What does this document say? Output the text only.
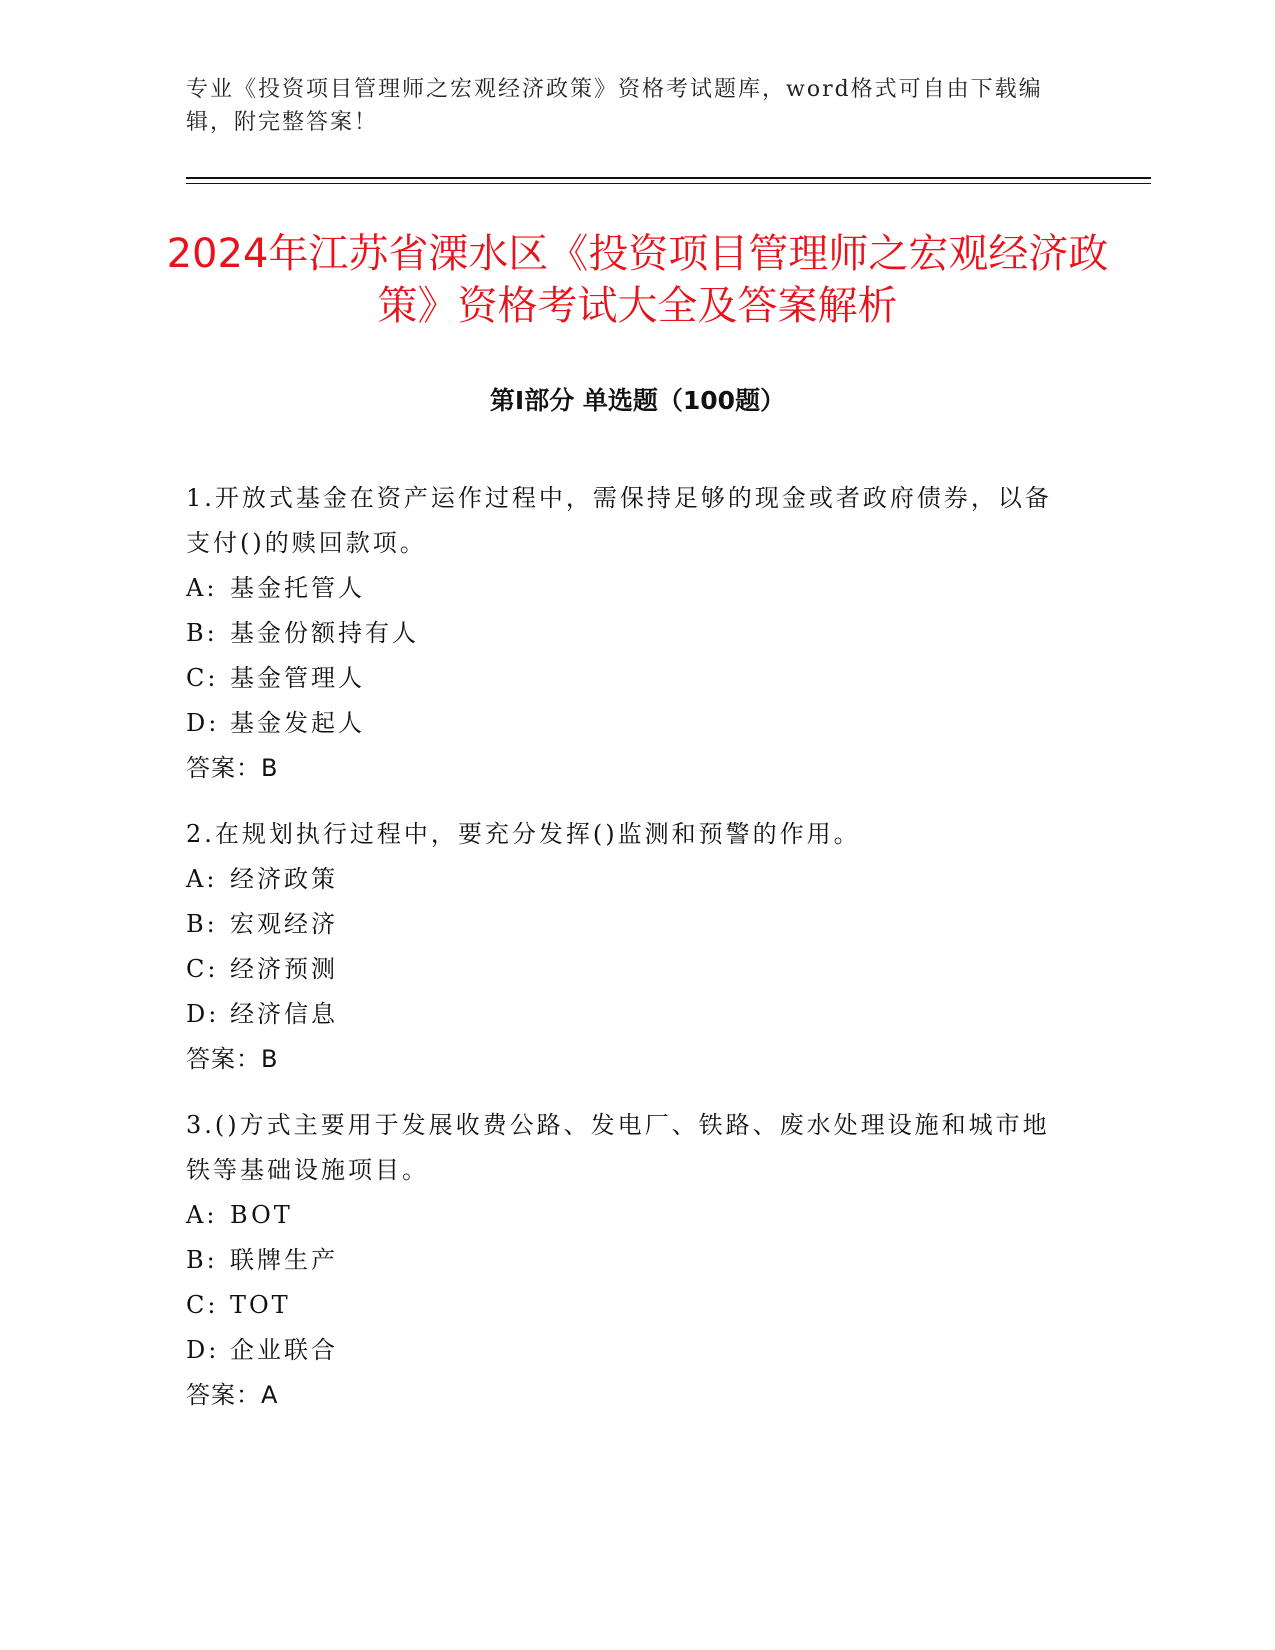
专业《投资项目管理师之宏观经济政策》资格考试题库，word格式可自由下载编辑，附完整答案！
2024年江苏省溧水区《投资项目管理师之宏观经济政策》资格考试大全及答案解析
第I部分 单选题（100题）

1.开放式基金在资产运作过程中，需保持足够的现金或者政府债券，以备支付()的赎回款项。

A: 基金托管人

B: 基金份额持有人

C: 基金管理人

D: 基金发起人

答案：B

2.在规划执行过程中，要充分发挥()监测和预警的作用。

A: 经济政策

B: 宏观经济

C: 经济预测

D: 经济信息

答案：B

3.()方式主要用于发展收费公路、发电厂、铁路、废水处理设施和城市地铁等基础设施项目。

A: BOT

B: 联牌生产

C: TOT

D: 企业联合

答案：A
